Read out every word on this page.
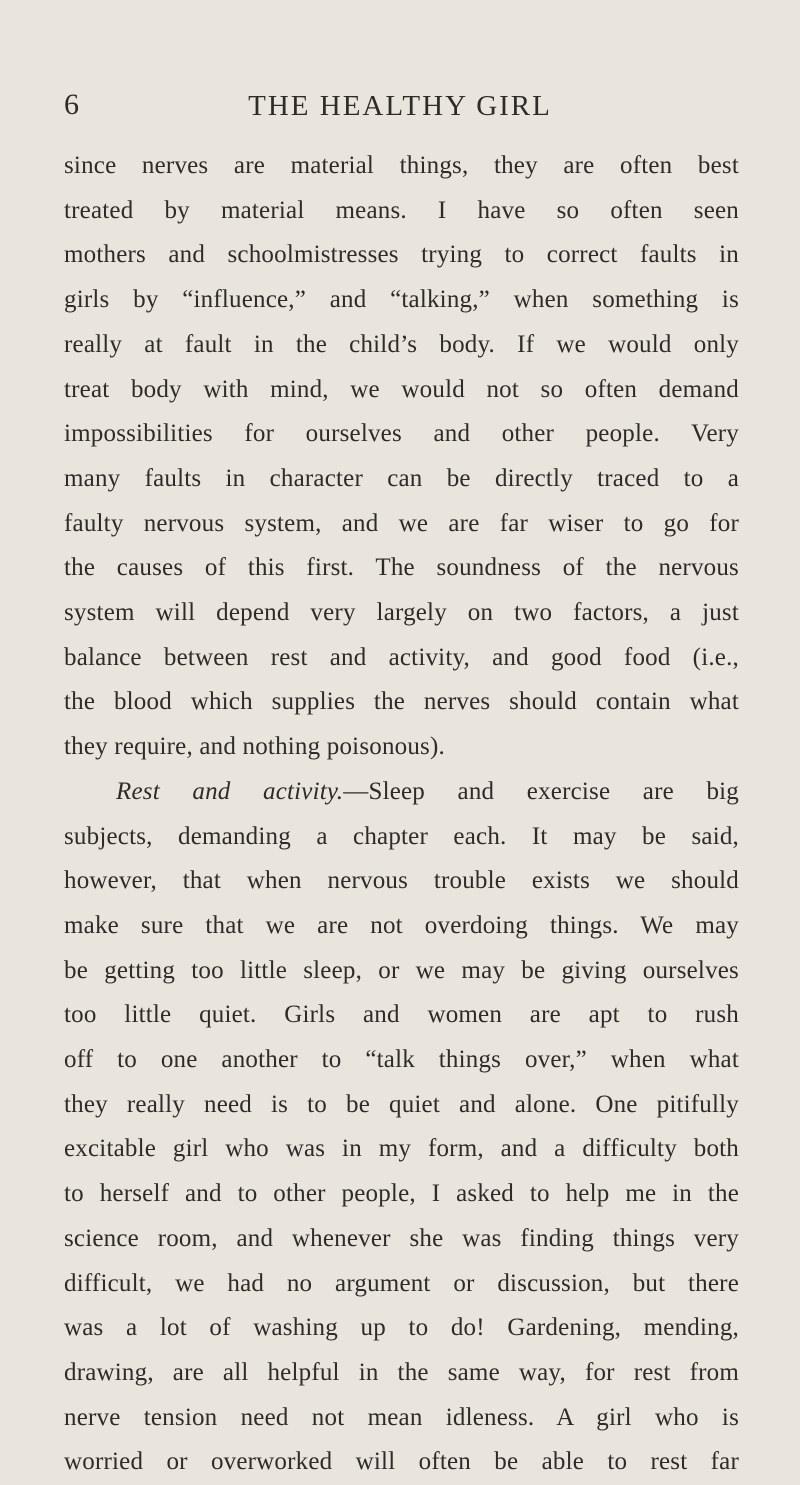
6	THE HEALTHY GIRL
since nerves are material things, they are often best
treated by material means. I have so often seen
mothers and schoolmistresses trying to correct faults in
girls by “influence,” and “talking,” when something is
really at fault in the child’s body. If we would only
treat body with mind, we would not so often demand
impossibilities for ourselves and other people. Very
many faults in character can be directly traced to a
faulty nervous system, and we are far wiser to go for
the causes of this first. The soundness of the nervous
system will depend very largely on two factors, a just
balance between rest and activity, and good food (i.e.,
the blood which supplies the nerves should contain what
they require, and nothing poisonous).
Rest and activity.—Sleep and exercise are big
subjects, demanding a chapter each. It may be said,
however, that when nervous trouble exists we should
make sure that we are not overdoing things. We may
be getting too little sleep, or we may be giving ourselves
too little quiet. Girls and women are apt to rush
off to one another to “talk things over,” when what
they really need is to be quiet and alone. One pitifully
excitable girl who was in my form, and a difficulty both
to herself and to other people, I asked to help me in the
science room, and whenever she was finding things very
difficult, we had no argument or discussion, but there
was a lot of washing up to do! Gardening, mending,
drawing, are all helpful in the same way, for rest from
nerve tension need not mean idleness. A girl who is
worried or overworked will often be able to rest far
